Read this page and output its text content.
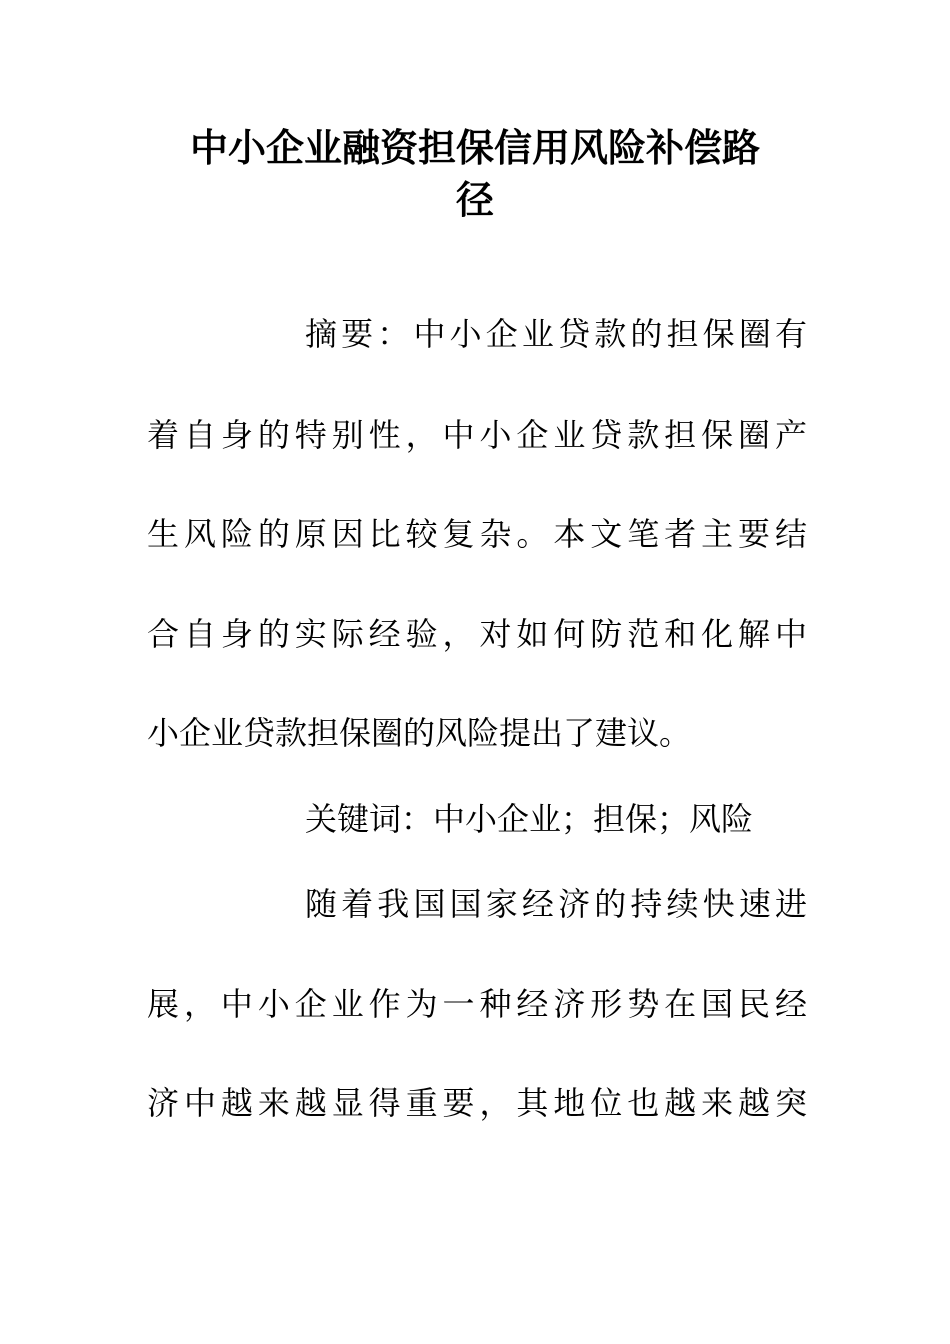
中小企业融资担保信用风险补偿路
径

摘要：中小企业贷款的担保圈有

着自身的特别性，中小企业贷款担保圈产

生风险的原因比较复杂。本文笔者主要结

合自身的实际经验，对如何防范和化解中

小企业贷款担保圈的风险提出了建议。

关键词：中小企业；担保；风险

随着我国国家经济的持续快速进

展，中小企业作为一种经济形势在国民经

济中越来越显得重要，其地位也越来越突
